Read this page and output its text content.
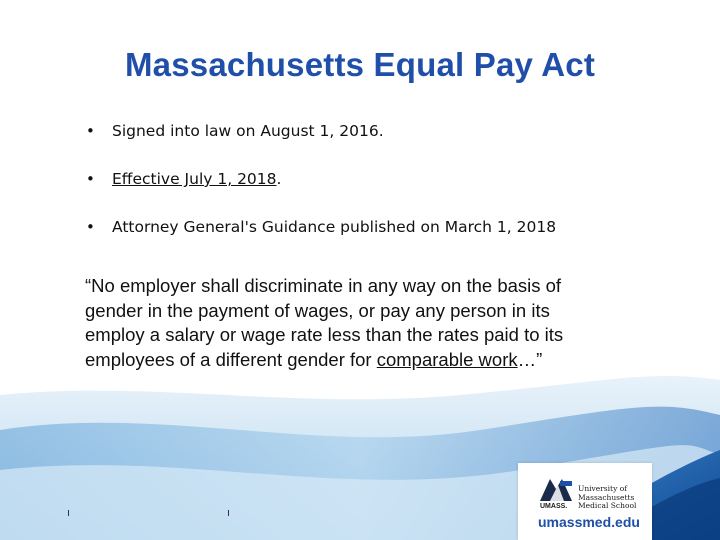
Massachusetts Equal Pay Act
• Signed into law on August 1, 2016.
• Effective July 1, 2018.
• Attorney General's Guidance published on March 1, 2018
“No employer shall discriminate in any way on the basis of gender in the payment of wages, or pay any person in its employ a salary or wage rate less than the rates paid to its employees of a different gender for comparable work…”
University of
Massachusetts
Medical School
UMASS.
umassmed.edu
